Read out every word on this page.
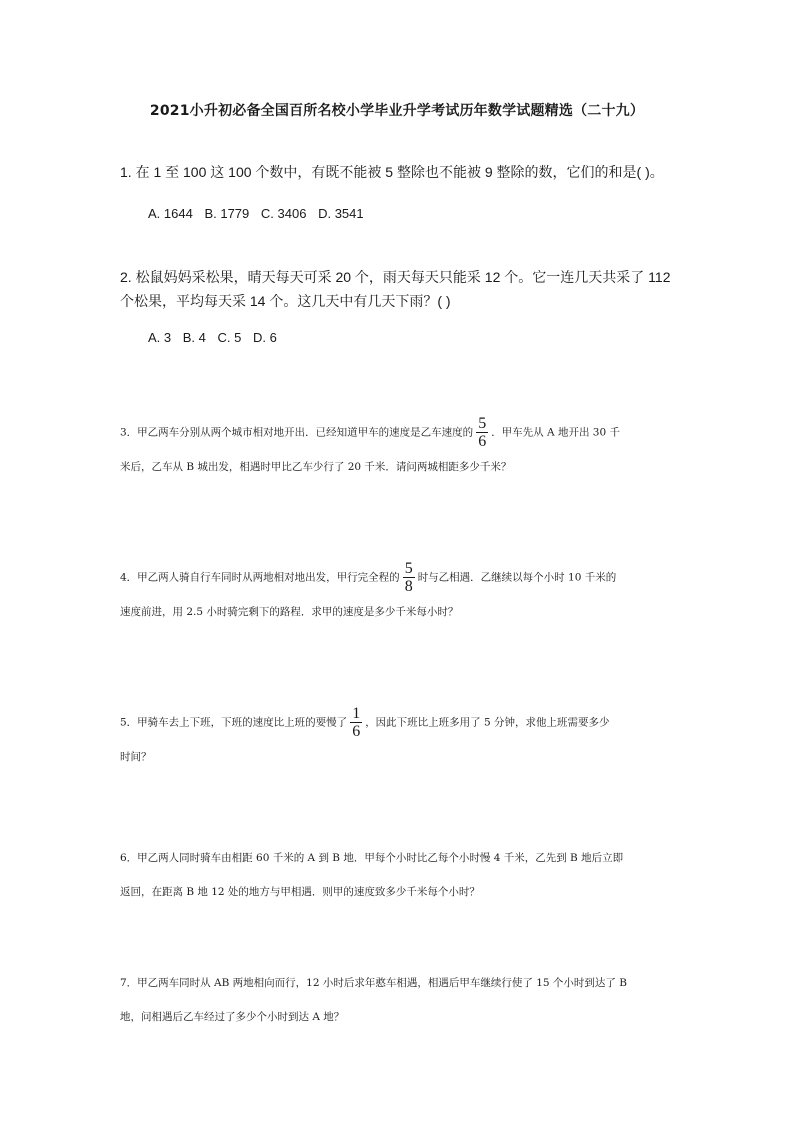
2021小升初必备全国百所名校小学毕业升学考试历年数学试题精选（二十九）
1. 在 1 至 100 这 100 个数中，有既不能被 5 整除也不能被 9 整除的数，它们的和是( )。
A. 1644 B. 1779 C. 3406 D. 3541
2. 松鼠妈妈采松果，晴天每天可采 20 个，雨天每天只能采 12 个。它一连几天共采了 112
个松果，平均每天采 14 个。这几天中有几天下雨？( )
A. 3 B. 4 C. 5 D. 6
3．甲乙两车分别从两个城市相对地开出．已经知道甲车的速度是乙车速度的 $\frac{5}{6}$ ．甲车先从 A 地开出 30 千
米后，乙车从 B 城出发，相遇时甲比乙车少行了 20 千米．请问两城相距多少千米？
4．甲乙两人骑自行车同时从两地相对地出发，甲行完全程的 $\frac{5}{8}$ 时与乙相遇．乙继续以每个小时 10 千米的
速度前进，用 2.5 小时骑完剩下的路程．求甲的速度是多少千米每小时？
5．甲骑车去上下班，下班的速度比上班的要慢了 $\frac{1}{6}$ ，因此下班比上班多用了 5 分钟，求他上班需要多少
时间？
6．甲乙两人同时骑车由相距 60 千米的 A 到 B 地．甲每个小时比乙每个小时慢 4 千米，乙先到 B 地后立即
返回，在距离 B 地 12 处的地方与甲相遇．则甲的速度致多少千米每个小时？
7．甲乙两车同时从 AB 两地相向而行，12 小时后求年憨车相遇，相遇后甲车继续行使了 15 个小时到达了 B
地，问相遇后乙车经过了多少个小时到达 A 地？
